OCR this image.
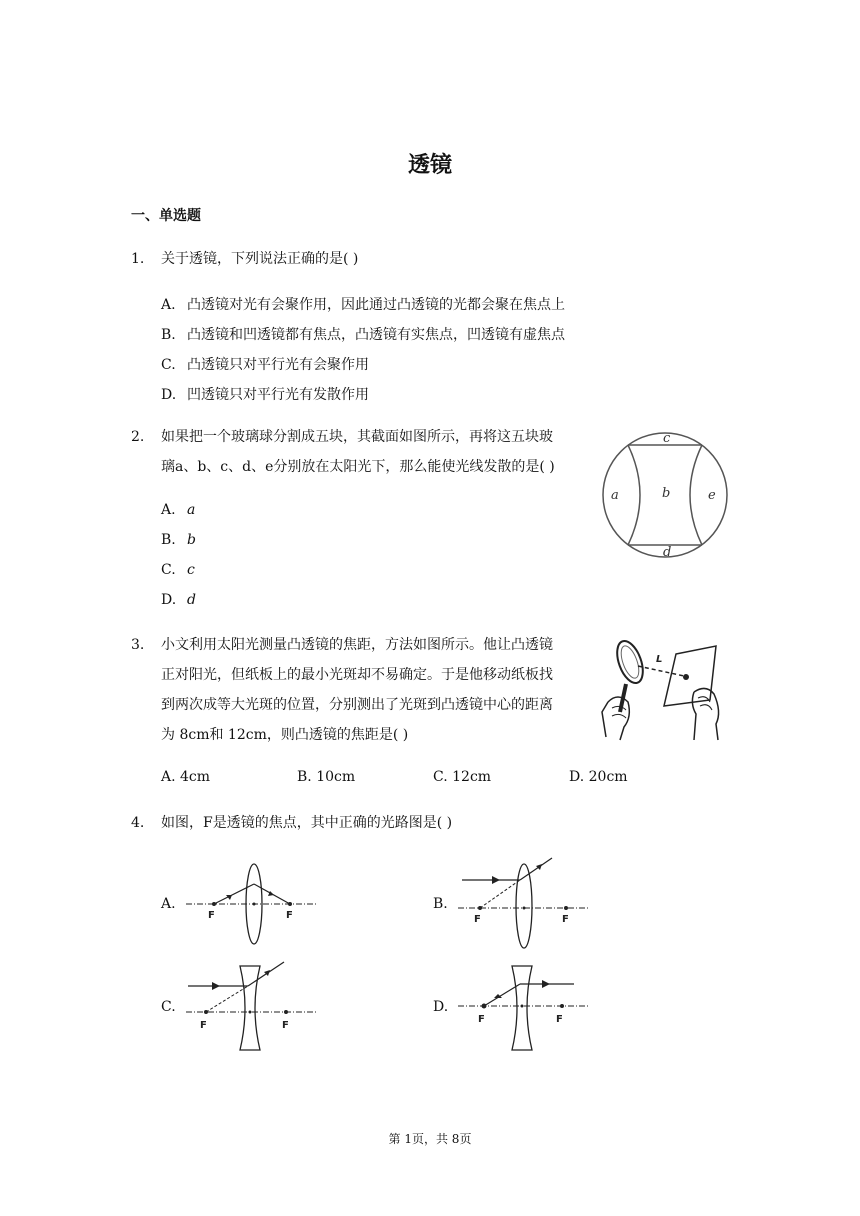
透镜
一、单选题
1. 关于透镜，下列说法正确的是( )
A. 凸透镜对光有会聚作用，因此通过凸透镜的光都会聚在焦点上
B. 凸透镜和凹透镜都有焦点，凸透镜有实焦点，凹透镜有虚焦点
C. 凸透镜只对平行光有会聚作用
D. 凹透镜只对平行光有发散作用
2. 如果把一个玻璃球分割成五块，其截面如图所示，再将这五块玻
璃a、b、c、d、e分别放在太阳光下，那么能使光线发散的是( )
A. a
B. b
C. c
D. d
c
a	b	e
d
3. 小文利用太阳光测量凸透镜的焦距，方法如图所示。他让凸透镜
正对阳光，但纸板上的最小光斑却不易确定。于是他移动纸板找
到两次成等大光斑的位置，分别测出了光斑到凸透镜中心的距离
为 8cm和 12cm，则凸透镜的焦距是( )
A. 4cm	B. 10cm	C. 12cm	D. 20cm
L
4. 如图，F是透镜的焦点，其中正确的光路图是( )
A.
F	F
B.
F	F
C.
F	F
D.
F	F
第 1页，共 8页
